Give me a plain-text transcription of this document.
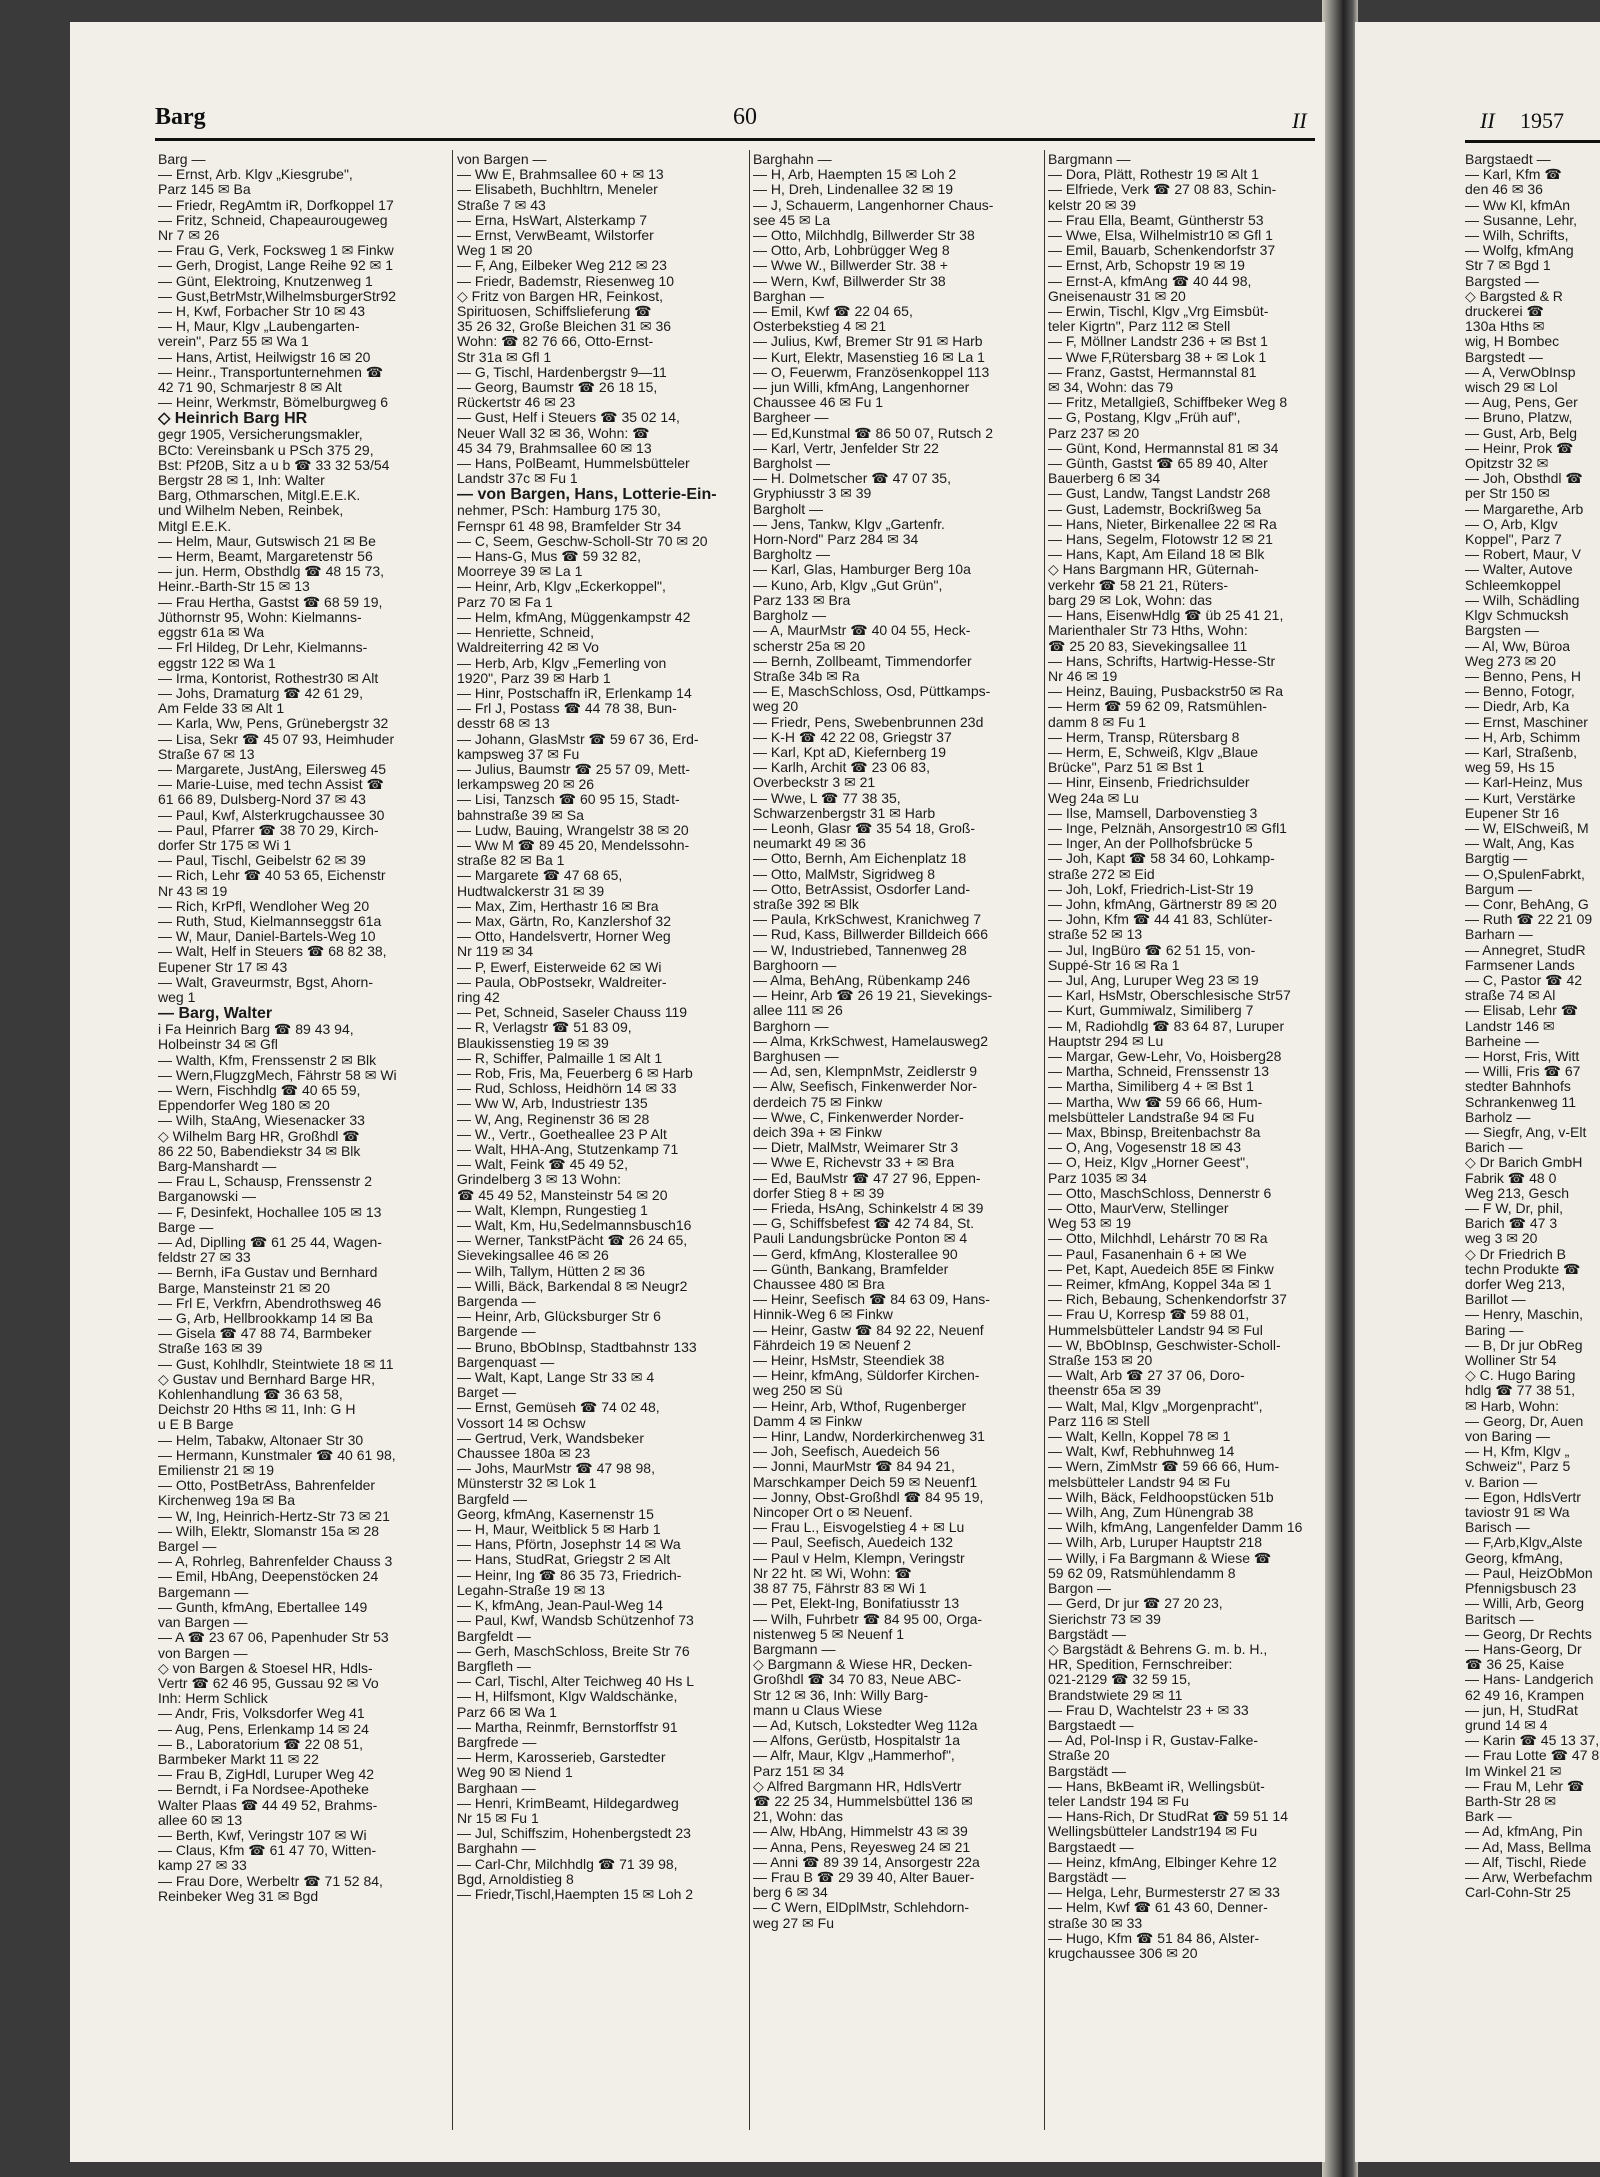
Barg	60	II	II 1957
Barg —
— Ernst, Arb. Klgv „Kiesgrube",
Parz 145 ✉ Ba
— Friedr, RegAmtm iR, Dorfkoppel 17
— Fritz, Schneid, Chapeaurougeweg
Nr 7 ✉ 26
— Frau G, Verk, Focksweg 1 ✉ Finkw
— Gerh, Drogist, Lange Reihe 92 ✉ 1
— Günt, Elektroing, Knutzenweg 1
— Gust,BetrMstr,WilhelmsburgerStr92
— H, Kwf, Forbacher Str 10 ✉ 43
— H, Maur, Klgv „Laubengarten-
verein", Parz 55 ✉ Wa 1
— Hans, Artist, Heilwigstr 16 ✉ 20
— Heinr., Transportunternehmen ☎
42 71 90, Schmarjestr 8 ✉ Alt
— Heinr, Werkmstr, Bömelburgweg 6
◇ Heinrich Barg HR
gegr 1905, Versicherungsmakler,
BCto: Vereinsbank u PSch 375 29,
Bst: Pf20B, Sitz a u b ☎ 33 32 53/54
Bergstr 28 ✉ 1, Inh: Walter
Barg, Othmarschen, Mitgl.E.E.K.
und Wilhelm Neben, Reinbek,
Mitgl E.E.K.
— Helm, Maur, Gutswisch 21 ✉ Be
— Herm, Beamt, Margaretenstr 56
— jun. Herm, Obsthdlg ☎ 48 15 73,
Heinr.-Barth-Str 15 ✉ 13
— Frau Hertha, Gastst ☎ 68 59 19,
Jüthornstr 95, Wohn: Kielmanns-
eggstr 61a ✉ Wa
— Frl Hildeg, Dr Lehr, Kielmanns-
eggstr 122 ✉ Wa 1
— Irma, Kontorist, Rothestr30 ✉ Alt
— Johs, Dramaturg ☎ 42 61 29,
Am Felde 33 ✉ Alt 1
— Karla, Ww, Pens, Grünebergstr 32
— Lisa, Sekr ☎ 45 07 93, Heimhuder
Straße 67 ✉ 13
— Margarete, JustAng, Eilersweg 45
— Marie-Luise, med techn Assist ☎
61 66 89, Dulsberg-Nord 37 ✉ 43
— Paul, Kwf, Alsterkrugchaussee 30
— Paul, Pfarrer ☎ 38 70 29, Kirch-
dorfer Str 175 ✉ Wi 1
— Paul, Tischl, Geibelstr 62 ✉ 39
— Rich, Lehr ☎ 40 53 65, Eichenstr
Nr 43 ✉ 19
— Rich, KrPfl, Wendloher Weg 20
— Ruth, Stud, Kielmannseggstr 61a
— W, Maur, Daniel-Bartels-Weg 10
— Walt, Helf in Steuers ☎ 68 82 38,
Eupener Str 17 ✉ 43
— Walt, Graveurmstr, Bgst, Ahorn-
weg 1
— Barg, Walter
i Fa Heinrich Barg ☎ 89 43 94,
Holbeinstr 34 ✉ Gfl
— Walth, Kfm, Frenssenstr 2 ✉ Blk
— Wern,FlugzgMech, Fährstr 58 ✉ Wi
— Wern, Fischhdlg ☎ 40 65 59,
Eppendorfer Weg 180 ✉ 20
— Wilh, StaAng, Wiesenacker 33
◇ Wilhelm Barg HR, Großhdl ☎
86 22 50, Babendiekstr 34 ✉ Blk
Barg-Manshardt —
— Frau L, Schausp, Frenssenstr 2
Barganowski —
— F, Desinfekt, Hochallee 105 ✉ 13
Barge —
— Ad, Diplling ☎ 61 25 44, Wagen-
feldstr 27 ✉ 33
— Bernh, iFa Gustav und Bernhard
Barge, Mansteinstr 21 ✉ 20
— Frl E, Verkfrn, Abendrothsweg 46
— G, Arb, Hellbrookkamp 14 ✉ Ba
— Gisela ☎ 47 88 74, Barmbeker
Straße 163 ✉ 39
— Gust, Kohlhdlr, Steintwiete 18 ✉ 11
◇ Gustav und Bernhard Barge HR,
Kohlenhandlung ☎ 36 63 58,
Deichstr 20 Hths ✉ 11, Inh: G H
u E B Barge
— Helm, Tabakw, Altonaer Str 30
— Hermann, Kunstmaler ☎ 40 61 98,
Emilienstr 21 ✉ 19
— Otto, PostBetrAss, Bahrenfelder
Kirchenweg 19a ✉ Ba
— W, Ing, Heinrich-Hertz-Str 73 ✉ 21
— Wilh, Elektr, Slomanstr 15a ✉ 28
Bargel —
— A, Rohrleg, Bahrenfelder Chauss 3
— Emil, HbAng, Deepenstöcken 24
Bargemann —
— Gunth, kfmAng, Ebertallee 149
van Bargen —
— A ☎ 23 67 06, Papenhuder Str 53
von Bargen —
◇ von Bargen & Stoesel HR, Hdls-
Vertr ☎ 62 46 95, Gussau 92 ✉ Vo
Inh: Herm Schlick
— Andr, Fris, Volksdorfer Weg 41
— Aug, Pens, Erlenkamp 14 ✉ 24
— B., Laboratorium ☎ 22 08 51,
Barmbeker Markt 11 ✉ 22
— Frau B, ZigHdl, Luruper Weg 42
— Berndt, i Fa Nordsee-Apotheke
Walter Plaas ☎ 44 49 52, Brahms-
allee 60 ✉ 13
— Berth, Kwf, Veringstr 107 ✉ Wi
— Claus, Kfm ☎ 61 47 70, Witten-
kamp 27 ✉ 33
— Frau Dore, Werbeltr ☎ 71 52 84,
Reinbeker Weg 31 ✉ Bgd
von Bargen —
— Ww E, Brahmsallee 60 + ✉ 13
— Elisabeth, Buchhltrn, Meneler
Straße 7 ✉ 43
— Erna, HsWart, Alsterkamp 7
— Ernst, VerwBeamt, Wilstorfer
Weg 1 ✉ 20
— F, Ang, Eilbeker Weg 212 ✉ 23
— Friedr, Bademstr, Riesenweg 10
◇ Fritz von Bargen HR, Feinkost,
Spirituosen, Schiffslieferung ☎
35 26 32, Große Bleichen 31 ✉ 36
Wohn: ☎ 82 76 66, Otto-Ernst-
Str 31a ✉ Gfl 1
— G, Tischl, Hardenbergstr 9—11
— Georg, Baumstr ☎ 26 18 15,
Rückertstr 46 ✉ 23
— Gust, Helf i Steuers ☎ 35 02 14,
Neuer Wall 32 ✉ 36, Wohn: ☎
45 34 79, Brahmsallee 60 ✉ 13
— Hans, PolBeamt, Hummelsbütteler
Landstr 37c ✉ Fu 1
— von Bargen, Hans, Lotterie-Ein-
nehmer, PSch: Hamburg 175 30,
Fernspr 61 48 98, Bramfelder Str 34
— C, Seem, Geschw-Scholl-Str 70 ✉ 20
— Hans-G, Mus ☎ 59 32 82,
Moorreye 39 ✉ La 1
— Heinr, Arb, Klgv „Eckerkoppel",
Parz 70 ✉ Fa 1
— Helm, kfmAng, Müggenkampstr 42
— Henriette, Schneid,
Waldreiterring 42 ✉ Vo
— Herb, Arb, Klgv „Femerling von
1920", Parz 39 ✉ Harb 1
— Hinr, Postschaffn iR, Erlenkamp 14
— Frl J, Postass ☎ 44 78 38, Bun-
desstr 68 ✉ 13
— Johann, GlasMstr ☎ 59 67 36, Erd-
kampsweg 37 ✉ Fu
— Julius, Baumstr ☎ 25 57 09, Mett-
lerkampsweg 20 ✉ 26
— Lisi, Tanzsch ☎ 60 95 15, Stadt-
bahnstraße 39 ✉ Sa
— Ludw, Bauing, Wrangelstr 38 ✉ 20
— Ww M ☎ 89 45 20, Mendelssohn-
straße 82 ✉ Ba 1
— Margarete ☎ 47 68 65,
Hudtwalckerstr 31 ✉ 39
— Max, Zim, Herthastr 16 ✉ Bra
— Max, Gärtn, Ro, Kanzlershof 32
— Otto, Handelsvertr, Horner Weg
Nr 119 ✉ 34
— P, Ewerf, Eisterweide 62 ✉ Wi
— Paula, ObPostsekr, Waldreiter-
ring 42
— Pet, Schneid, Saseler Chauss 119
— R, Verlagstr ☎ 51 83 09,
Blaukissenstieg 19 ✉ 39
— R, Schiffer, Palmaille 1 ✉ Alt 1
— Rob, Fris, Ma, Feuerberg 6 ✉ Harb
— Rud, Schloss, Heidhörn 14 ✉ 33
— Ww W, Arb, Industriestr 135
— W, Ang, Reginenstr 36 ✉ 28
— W., Vertr., Goetheallee 23 P Alt
— Walt, HHA-Ang, Stutzenkamp 71
— Walt, Feink ☎ 45 49 52,
Grindelberg 3 ✉ 13 Wohn:
☎ 45 49 52, Mansteinstr 54 ✉ 20
— Walt, Klempn, Rungestieg 1
— Walt, Km, Hu,Sedelmannsbusch16
— Werner, TankstPächt ☎ 26 24 65,
Sievekingsallee 46 ✉ 26
— Wilh, Tallym, Hütten 2 ✉ 36
— Willi, Bäck, Barkendal 8 ✉ Neugr2
Bargenda —
— Heinr, Arb, Glücksburger Str 6
Bargende —
— Bruno, BbObInsp, Stadtbahnstr 133
Bargenquast —
— Walt, Kapt, Lange Str 33 ✉ 4
Barget —
— Ernst, Gemüseh ☎ 74 02 48,
Vossort 14 ✉ Ochsw
— Gertrud, Verk, Wandsbeker
Chaussee 180a ✉ 23
— Johs, MaurMstr ☎ 47 98 98,
Münsterstr 32 ✉ Lok 1
Bargfeld —
Georg, kfmAng, Kasernenstr 15
— H, Maur, Weitblick 5 ✉ Harb 1
— Hans, Pförtn, Josephstr 14 ✉ Wa
— Hans, StudRat, Griegstr 2 ✉ Alt
— Heinr, Ing ☎ 86 35 73, Friedrich-
Legahn-Straße 19 ✉ 13
— K, kfmAng, Jean-Paul-Weg 14
— Paul, Kwf, Wandsb Schützenhof 73
Bargfeldt —
— Gerh, MaschSchloss, Breite Str 76
Bargfleth —
— Carl, Tischl, Alter Teichweg 40 Hs L
— H, Hilfsmont, Klgv Waldschänke,
Parz 66 ✉ Wa 1
— Martha, Reinmfr, Bernstorffstr 91
Bargfrede —
— Herm, Karosserieb, Garstedter
Weg 90 ✉ Niend 1
Barghaan —
— Henri, KrimBeamt, Hildegardweg
Nr 15 ✉ Fu 1
— Jul, Schiffszim, Hohenbergstedt 23
Barghahn —
— Carl-Chr, Milchhdlg ☎ 71 39 98,
Bgd, Arnoldistieg 8
— Friedr,Tischl,Haempten 15 ✉ Loh 2
Barghahn —
— H, Arb, Haempten 15 ✉ Loh 2
— H, Dreh, Lindenallee 32 ✉ 19
— J, Schauerm, Langenhorner Chaus-
see 45 ✉ La
— Otto, Milchhdlg, Billwerder Str 38
— Otto, Arb, Lohbrügger Weg 8
— Wwe W., Billwerder Str. 38 +
— Wern, Kwf, Billwerder Str 38
Barghan —
— Emil, Kwf ☎ 22 04 65,
Osterbekstieg 4 ✉ 21
— Julius, Kwf, Bremer Str 91 ✉ Harb
— Kurt, Elektr, Masenstieg 16 ✉ La 1
— O, Feuerwm, Französenkoppel 113
— jun Willi, kfmAng, Langenhorner
Chaussee 46 ✉ Fu 1
Bargheer —
— Ed,Kunstmal ☎ 86 50 07, Rutsch 2
— Karl, Vertr, Jenfelder Str 22
Bargholst —
— H. Dolmetscher ☎ 47 07 35,
Gryphiusstr 3 ✉ 39
Bargholt —
— Jens, Tankw, Klgv „Gartenfr.
Horn-Nord" Parz 284 ✉ 34
Bargholtz —
— Karl, Glas, Hamburger Berg 10a
— Kuno, Arb, Klgv „Gut Grün",
Parz 133 ✉ Bra
Bargholz —
— A, MaurMstr ☎ 40 04 55, Heck-
scherstr 25a ✉ 20
— Bernh, Zollbeamt, Timmendorfer
Straße 34b ✉ Ra
— E, MaschSchloss, Osd, Püttkamps-
weg 20
— Friedr, Pens, Swebenbrunnen 23d
— K-H ☎ 42 22 08, Griegstr 37
— Karl, Kpt aD, Kiefernberg 19
— Karlh, Archit ☎ 23 06 83,
Overbeckstr 3 ✉ 21
— Wwe, L ☎ 77 38 35,
Schwarzenbergstr 31 ✉ Harb
— Leonh, Glasr ☎ 35 54 18, Groß-
neumarkt 49 ✉ 36
— Otto, Bernh, Am Eichenplatz 18
— Otto, MalMstr, Sigridweg 8
— Otto, BetrAssist, Osdorfer Land-
straße 392 ✉ Blk
— Paula, KrkSchwest, Kranichweg 7
— Rud, Kass, Billwerder Billdeich 666
— W, Industriebed, Tannenweg 28
Barghoorn —
— Alma, BehAng, Rübenkamp 246
— Heinr, Arb ☎ 26 19 21, Sievekings-
allee 111 ✉ 26
Barghorn —
— Alma, KrkSchwest, Hamelausweg2
Barghusen —
— Ad, sen, KlempnMstr, Zeidlerstr 9
— Alw, Seefisch, Finkenwerder Nor-
derdeich 75 ✉ Finkw
— Wwe, C, Finkenwerder Norder-
deich 39a + ✉ Finkw
— Dietr, MalMstr, Weimarer Str 3
— Wwe E, Richevstr 33 + ✉ Bra
— Ed, BauMstr ☎ 47 27 96, Eppen-
dorfer Stieg 8 + ✉ 39
— Frieda, HsAng, Schinkelstr 4 ✉ 39
— G, Schiffsbefest ☎ 42 74 84, St.
Pauli Landungsbrücke Ponton ✉ 4
— Gerd, kfmAng, Klosterallee 90
— Günth, Bankang, Bramfelder
Chaussee 480 ✉ Bra
— Heinr, Seefisch ☎ 84 63 09, Hans-
Hinnik-Weg 6 ✉ Finkw
— Heinr, Gastw ☎ 84 92 22, Neuenf
Fährdeich 19 ✉ Neuenf 2
— Heinr, HsMstr, Steendiek 38
— Heinr, kfmAng, Süldorfer Kirchen-
weg 250 ✉ Sü
— Heinr, Arb, Wthof, Rugenberger
Damm 4 ✉ Finkw
— Hinr, Landw, Norderkirchenweg 31
— Joh, Seefisch, Auedeich 56
— Jonni, MaurMstr ☎ 84 94 21,
Marschkamper Deich 59 ✉ Neuenf1
— Jonny, Obst-Großhdl ☎ 84 95 19,
Nincoper Ort o ✉ Neuenf.
— Frau L., Eisvogelstieg 4 + ✉ Lu
— Paul, Seefisch, Auedeich 132
— Paul v Helm, Klempn, Veringstr
Nr 22 ht. ✉ Wi, Wohn: ☎
38 87 75, Fährstr 83 ✉ Wi 1
— Pet, Elekt-Ing, Bonifatiusstr 13
— Wilh, Fuhrbetr ☎ 84 95 00, Orga-
nistenweg 5 ✉ Neuenf 1
Bargmann —
◇ Bargmann & Wiese HR, Decken-
Großhdl ☎ 34 70 83, Neue ABC-
Str 12 ✉ 36, Inh: Willy Barg-
mann u Claus Wiese
— Ad, Kutsch, Lokstedter Weg 112a
— Alfons, Gerüstb, Hospitalstr 1a
— Alfr, Maur, Klgv „Hammerhof",
Parz 151 ✉ 34
◇ Alfred Bargmann HR, HdlsVertr
☎ 22 25 34, Hummelsbüttel 136 ✉
21, Wohn: das
— Alw, HbAng, Himmelstr 43 ✉ 39
— Anna, Pens, Reyesweg 24 ✉ 21
— Anni ☎ 89 39 14, Ansorgestr 22a
— Frau B ☎ 29 39 40, Alter Bauer-
berg 6 ✉ 34
— C Wern, ElDplMstr, Schlehdorn-
weg 27 ✉ Fu
Bargmann —
— Dora, Plätt, Rothestr 19 ✉ Alt 1
— Elfriede, Verk ☎ 27 08 83, Schin-
kelstr 20 ✉ 39
— Frau Ella, Beamt, Güntherstr 53
— Wwe, Elsa, Wilhelmistr10 ✉ Gfl 1
— Emil, Bauarb, Schenkendorfstr 37
— Ernst, Arb, Schopstr 19 ✉ 19
— Ernst-A, kfmAng ☎ 40 44 98,
Gneisenaustr 31 ✉ 20
— Erwin, Tischl, Klgv „Vrg Eimsbüt-
teler Kigrtn", Parz 112 ✉ Stell
— F, Möllner Landstr 236 + ✉ Bst 1
— Wwe F,Rütersbarg 38 + ✉ Lok 1
— Franz, Gastst, Hermannstal 81
✉ 34, Wohn: das 79
— Fritz, Metallgieß, Schiffbeker Weg 8
— G, Postang, Klgv „Früh auf",
Parz 237 ✉ 20
— Günt, Kond, Hermannstal 81 ✉ 34
— Günth, Gastst ☎ 65 89 40, Alter
Bauerberg 6 ✉ 34
— Gust, Landw, Tangst Landstr 268
— Gust, Lademstr, Bockrißweg 5a
— Hans, Nieter, Birkenallee 22 ✉ Ra
— Hans, Segelm, Flotowstr 12 ✉ 21
— Hans, Kapt, Am Eiland 18 ✉ Blk
◇ Hans Bargmann HR, Güternah-
verkehr ☎ 58 21 21, Rüters-
barg 29 ✉ Lok, Wohn: das
— Hans, EisenwHdlg ☎ üb 25 41 21,
Marienthaler Str 73 Hths, Wohn:
☎ 25 20 83, Sievekingsallee 11
— Hans, Schrifts, Hartwig-Hesse-Str
Nr 46 ✉ 19
— Heinz, Bauing, Pusbackstr50 ✉ Ra
— Herm ☎ 59 62 09, Ratsmühlen-
damm 8 ✉ Fu 1
— Herm, Transp, Rütersbarg 8
— Herm, E, Schweiß, Klgv „Blaue
Brücke", Parz 51 ✉ Bst 1
— Hinr, Einsenb, Friedrichsulder
Weg 24a ✉ Lu
— Ilse, Mamsell, Darbovenstieg 3
— Inge, Pelznäh, Ansorgestr10 ✉ Gfl1
— Inger, An der Pollhofsbrücke 5
— Joh, Kapt ☎ 58 34 60, Lohkamp-
straße 272 ✉ Eid
— Joh, Lokf, Friedrich-List-Str 19
— John, kfmAng, Gärtnerstr 89 ✉ 20
— John, Kfm ☎ 44 41 83, Schlüter-
straße 52 ✉ 13
— Jul, IngBüro ☎ 62 51 15, von-
Suppé-Str 16 ✉ Ra 1
— Jul, Ang, Luruper Weg 23 ✉ 19
— Karl, HsMstr, Oberschlesische Str57
— Kurt, Gummiwalz, Similiberg 7
— M, Radiohdlg ☎ 83 64 87, Luruper
Hauptstr 294 ✉ Lu
— Margar, Gew-Lehr, Vo, Hoisberg28
— Martha, Schneid, Frenssenstr 13
— Martha, Similiberg 4 + ✉ Bst 1
— Martha, Ww ☎ 59 66 66, Hum-
melsbütteler Landstraße 94 ✉ Fu
— Max, Bbinsp, Breitenbachstr 8a
— O, Ang, Vogesenstr 18 ✉ 43
— O, Heiz, Klgv „Horner Geest",
Parz 1035 ✉ 34
— Otto, MaschSchloss, Dennerstr 6
— Otto, MaurVerw, Stellinger
Weg 53 ✉ 19
— Otto, Milchhdl, Lehárstr 70 ✉ Ra
— Paul, Fasanenhain 6 + ✉ We
— Pet, Kapt, Auedeich 85E ✉ Finkw
— Reimer, kfmAng, Koppel 34a ✉ 1
— Rich, Bebaung, Schenkendorfstr 37
— Frau U, Korresp ☎ 59 88 01,
Hummelsbütteler Landstr 94 ✉ Ful
— W, BbObInsp, Geschwister-Scholl-
Straße 153 ✉ 20
— Walt, Arb ☎ 27 37 06, Doro-
theenstr 65a ✉ 39
— Walt, Mal, Klgv „Morgenpracht",
Parz 116 ✉ Stell
— Walt, Kelln, Koppel 78 ✉ 1
— Walt, Kwf, Rebhuhnweg 14
— Wern, ZimMstr ☎ 59 66 66, Hum-
melsbütteler Landstr 94 ✉ Fu
— Wilh, Bäck, Feldhoopstücken 51b
— Wilh, Ang, Zum Hünengrab 38
— Wilh, kfmAng, Langenfelder Damm 16
— Wilh, Arb, Luruper Hauptstr 218
— Willy, i Fa Bargmann & Wiese ☎
59 62 09, Ratsmühlendamm 8
Bargon —
— Gerd, Dr jur ☎ 27 20 23,
Sierichstr 73 ✉ 39
Bargstädt —
◇ Bargstädt & Behrens G. m. b. H.,
HR, Spedition, Fernschreiber:
021-2129 ☎ 32 59 15,
Brandstwiete 29 ✉ 11
— Frau D, Wachtelstr 23 + ✉ 33
Bargstaedt —
— Ad, Pol-Insp i R, Gustav-Falke-
Straße 20
Bargstädt —
— Hans, BkBeamt iR, Wellingsbüt-
teler Landstr 194 ✉ Fu
— Hans-Rich, Dr StudRat ☎ 59 51 14
Wellingsbütteler Landstr194 ✉ Fu
Bargstaedt —
— Heinz, kfmAng, Elbinger Kehre 12
Bargstädt —
— Helga, Lehr, Burmesterstr 27 ✉ 33
— Helm, Kwf ☎ 61 43 60, Denner-
straße 30 ✉ 33
— Hugo, Kfm ☎ 51 84 86, Alster-
krugchaussee 306 ✉ 20
Bargstaedt —
— Karl, Kfm ☎
den 46 ✉ 36
— Ww Kl, kfmAn
— Susanne, Lehr,
— Wilh, Schrifts,
— Wolfg, kfmAng
Str 7 ✉ Bgd 1
Bargsted —
◇ Bargsted & R
druckerei ☎
130a Hths ✉
wig, H Bombec
Bargstedt —
— A, VerwObInsp
wisch 29 ✉ Lol
— Aug, Pens, Ger
— Bruno, Platzw,
— Gust, Arb, Belg
— Heinr, Prok ☎
Opitzstr 32 ✉
— Joh, Obsthdl ☎
per Str 150 ✉
— Margarethe, Arb
— O, Arb, Klgv
Koppel", Parz 7
— Robert, Maur, V
— Walter, Autove
Schleemkoppel
— Wilh, Schädling
Klgv Schmucksh
Bargsten —
— Al, Ww, Büroa
Weg 273 ✉ 20
— Benno, Pens, H
— Benno, Fotogr,
— Diedr, Arb, Ka
— Ernst, Maschiner
— H, Arb, Schimm
— Karl, Straßenb,
weg 59, Hs 15
— Karl-Heinz, Mus
— Kurt, Verstärke
Eupener Str 16
— W, ElSchweiß, M
— Walt, Ang, Kas
Bargtig —
— O,SpulenFabrkt,
Bargum —
— Conr, BehAng, G
— Ruth ☎ 22 21 09
Barharn —
— Annegret, StudR
Farmsener Lands
— C, Pastor ☎ 42
straße 74 ✉ Al
— Elisab, Lehr ☎
Landstr 146 ✉
Barheine —
— Horst, Fris, Witt
— Willi, Fris ☎ 67
stedter Bahnhofs
Schrankenweg 11
Barholz —
— Siegfr, Ang, v-Elt
Barich —
◇ Dr Barich GmbH
Fabrik ☎ 48 0
Weg 213, Gesch
— F W, Dr, phil,
Barich ☎ 47 3
weg 3 ✉ 20
◇ Dr Friedrich B
techn Produkte ☎
dorfer Weg 213,
Barillot —
— Henry, Maschin,
Baring —
— B, Dr jur ObReg
Wolliner Str 54
◇ C. Hugo Baring
hdlg ☎ 77 38 51,
✉ Harb, Wohn:
— Georg, Dr, Auen
von Baring —
— H, Kfm, Klgv „
Schweiz", Parz 5
v. Barion —
— Egon, HdlsVertr
taviostr 91 ✉ Wa
Barisch —
— F,Arb,Klgv„Alste
Georg, kfmAng,
— Paul, HeizObMon
Pfennigsbusch 23
— Willi, Arb, Georg
Baritsch —
— Georg, Dr Rechts
— Hans-Georg, Dr
☎ 36 25, Kaise
— Hans- Landgerich
62 49 16, Krampen
— jun, H, StudRat
grund 14 ✉ 4
— Karin ☎ 45 13 37,
— Frau Lotte ☎ 47 8
Im Winkel 21 ✉
— Frau M, Lehr ☎
Barth-Str 28 ✉
Bark —
— Ad, kfmAng, Pin
— Ad, Mass, Bellma
— Alf, Tischl, Riede
— Arw, Werbefachm
Carl-Cohn-Str 25
